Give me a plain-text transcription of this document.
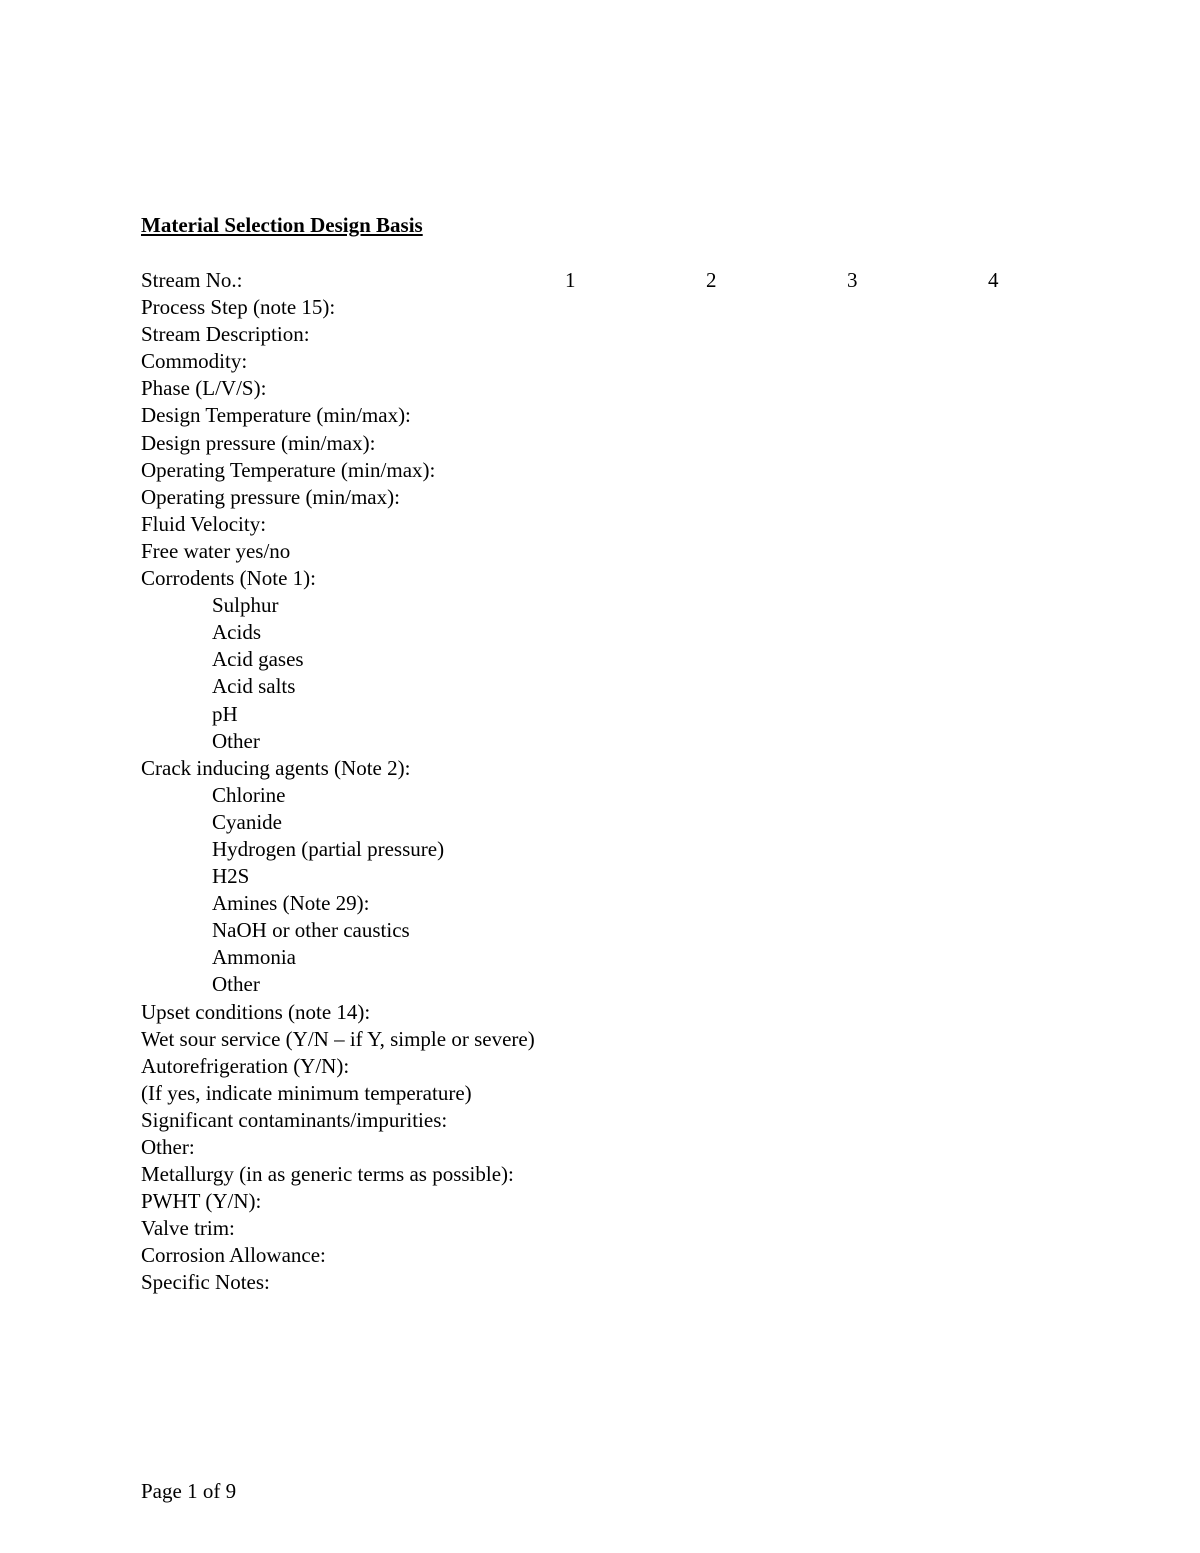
Material Selection Design Basis
Stream No.:	1	2	3	4
Process Step (note 15):
Stream Description:
Commodity:
Phase (L/V/S):
Design Temperature (min/max):
Design pressure (min/max):
Operating Temperature (min/max):
Operating pressure (min/max):
Fluid Velocity:
Free water yes/no
Corrodents (Note 1):
Sulphur
Acids
Acid gases
Acid salts
pH
Other
Crack inducing agents (Note 2):
Chlorine
Cyanide
Hydrogen (partial pressure)
H2S
Amines (Note 29):
NaOH or other caustics
Ammonia
Other
Upset conditions (note 14):
Wet sour service (Y/N – if Y, simple or severe)
Autorefrigeration (Y/N):
(If yes, indicate minimum temperature)
Significant contaminants/impurities:
Other:
Metallurgy (in as generic terms as possible):
PWHT (Y/N):
Valve trim:
Corrosion Allowance:
Specific Notes:
Page 1 of 9
